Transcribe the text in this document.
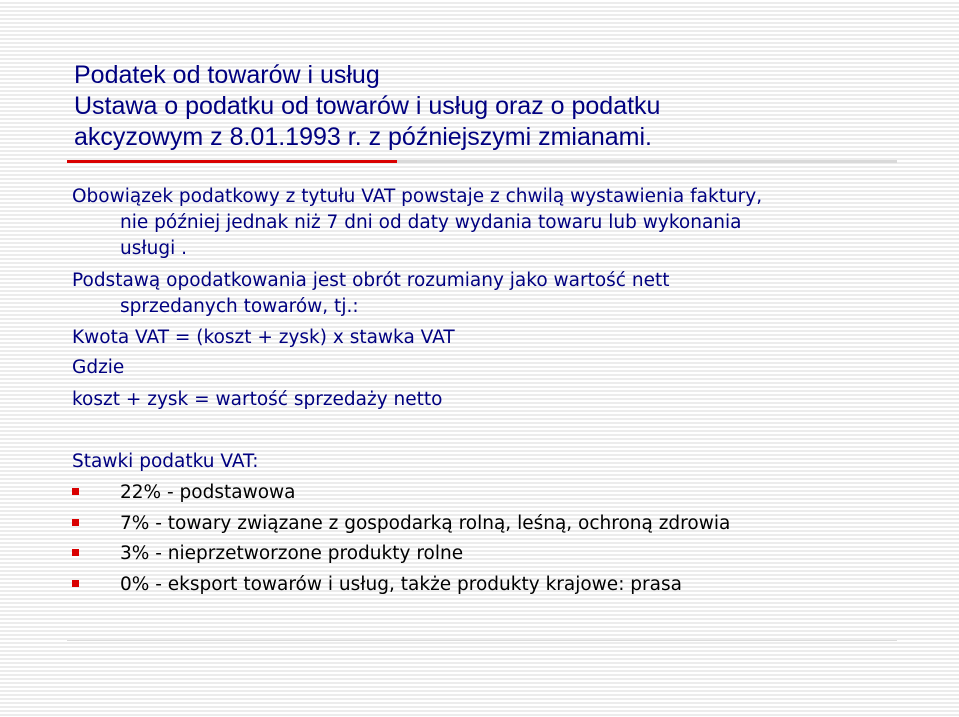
Podatek od towarów i usług
Ustawa o podatku od towarów i usług oraz o podatku
akcyzowym z 8.01.1993 r. z późniejszymi zmianami.

Obowiązek podatkowy z tytułu VAT powstaje z chwilą wystawienia faktury,
nie później jednak niż 7 dni od daty wydania towaru lub wykonania
usługi .

Podstawą opodatkowania jest obrót rozumiany jako wartość nett
sprzedanych towarów, tj.:

Kwota VAT = (koszt + zysk) x stawka VAT

Gdzie

koszt + zysk = wartość sprzedaży netto

Stawki podatku VAT:

22% - podstawowa
7% - towary związane z gospodarką rolną, leśną, ochroną zdrowia
3% - nieprzetworzone produkty rolne
0% - eksport towarów i usług, także produkty krajowe: prasa
